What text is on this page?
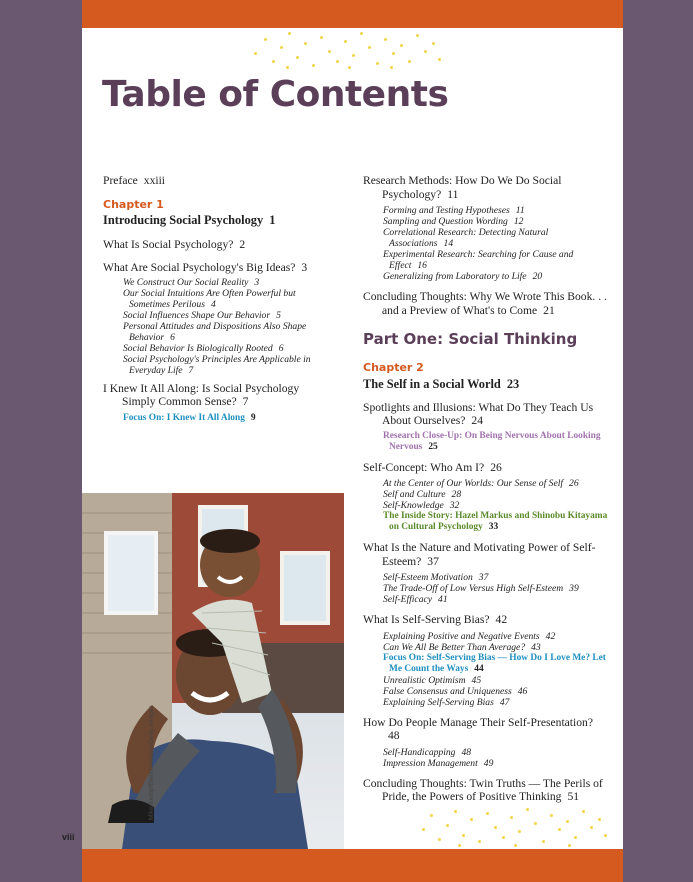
Table of Contents

Preface xxiii

Chapter 1

Introducing Social Psychology 1

What Is Social Psychology? 2

What Are Social Psychology's Big Ideas? 3

We Construct Our Social Reality 3

Our Social Intuitions Are Often Powerful but Sometimes Perilous 4

Social Influences Shape Our Behavior 5

Personal Attitudes and Dispositions Also Shape Behavior 6

Social Behavior Is Biologically Rooted 6

Social Psychology's Principles Are Applicable in Everyday Life 7

I Knew It All Along: Is Social Psychology Simply Common Sense? 7

Focus On: I Knew It All Along 9

Research Methods: How Do We Do Social Psychology? 11

Forming and Testing Hypotheses 11

Sampling and Question Wording 12

Correlational Research: Detecting Natural Associations 14

Experimental Research: Searching for Cause and Effect 16

Generalizing from Laboratory to Life 20

Concluding Thoughts: Why We Wrote This Book. . . and a Preview of What's to Come 21

Part One: Social Thinking

Chapter 2

The Self in a Social World 23

Spotlights and Illusions: What Do They Teach Us About Ourselves? 24

Research Close-Up: On Being Nervous About Looking Nervous 25

Self-Concept: Who Am I? 26

At the Center of Our Worlds: Our Sense of Self 26

Self and Culture 28

Self-Knowledge 32

The Inside Story: Hazel Markus and Shinobu Kitayama on Cultural Psychology 33

What Is the Nature and Motivating Power of Self-Esteem? 37

Self-Esteem Motivation 37

The Trade-Off of Low Versus High Self-Esteem 39

Self-Efficacy 41

What Is Self-Serving Bias? 42

Explaining Positive and Negative Events 42

Can We All Be Better Than Average? 43

Focus On: Self-Serving Bias — How Do I Love Me? Let Me Count the Ways 44

Unrealistic Optimism 45

False Consensus and Uniqueness 46

Explaining Self-Serving Bias 47

How Do People Manage Their Self-Presentation?48

Self-Handicapping 48

Impression Management 49

Concluding Thoughts: Twin Truths — The Perils of Pride, the Powers of Positive Thinking 51

Mike Kemp/Blend Images/Getty Images
viii
